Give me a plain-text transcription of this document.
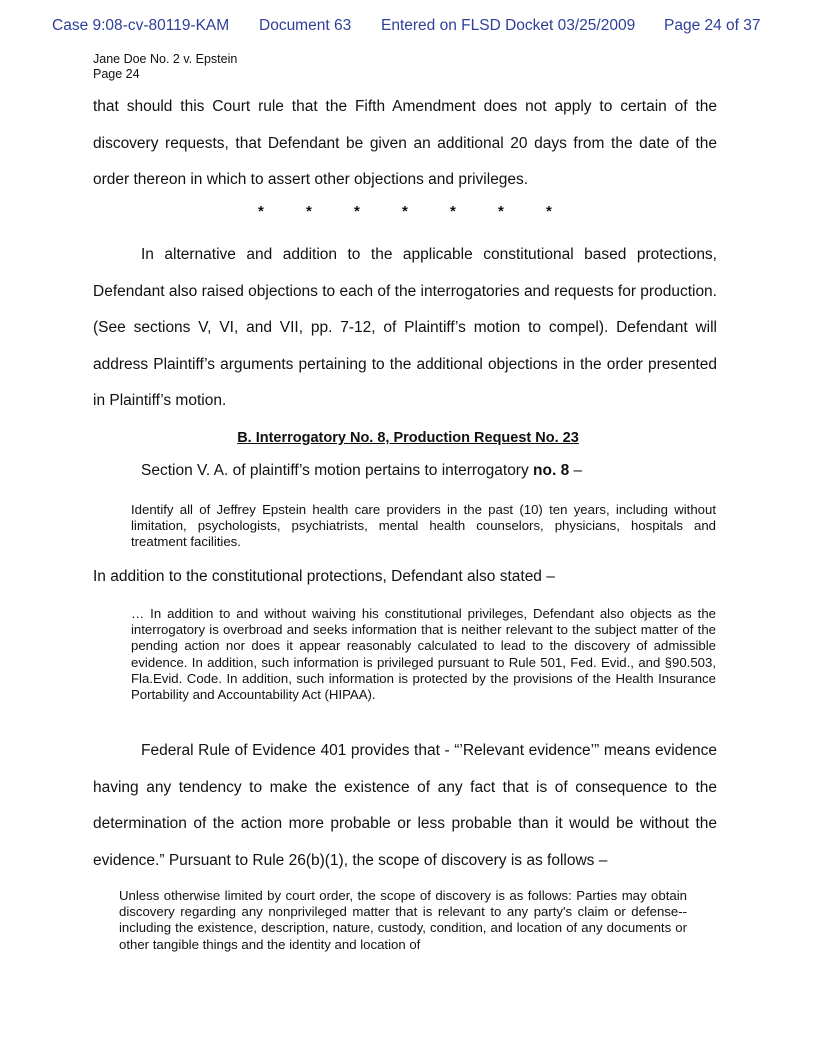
Case 9:08-cv-80119-KAM Document 63 Entered on FLSD Docket 03/25/2009 Page 24 of 37
Jane Doe No. 2 v. Epstein
Page 24

that should this Court rule that the Fifth Amendment does not apply to certain of the discovery requests, that Defendant be given an additional 20 days from the date of the order thereon in which to assert other objections and privileges.

*	*	*	*	*	*	*

In alternative and addition to the applicable constitutional based protections, Defendant also raised objections to each of the interrogatories and requests for production. (See sections V, VI, and VII, pp. 7-12, of Plaintiff’s motion to compel). Defendant will address Plaintiff’s arguments pertaining to the additional objections in the order presented in Plaintiff’s motion.

B. Interrogatory No. 8, Production Request No. 23
Section V. A. of plaintiff’s motion pertains to interrogatory no. 8 –

Identify all of Jeffrey Epstein health care providers in the past (10) ten years, including without limitation, psychologists, psychiatrists, mental health counselors, physicians, hospitals and treatment facilities.

In addition to the constitutional protections, Defendant also stated –

… In addition to and without waiving his constitutional privileges, Defendant also objects as the interrogatory is overbroad and seeks information that is neither relevant to the subject matter of the pending action nor does it appear reasonably calculated to lead to the discovery of admissible evidence. In addition, such information is privileged pursuant to Rule 501, Fed. Evid., and §90.503, Fla.Evid. Code. In addition, such information is protected by the provisions of the Health Insurance Portability and Accountability Act (HIPAA).

Federal Rule of Evidence 401 provides that - “’Relevant evidence’” means evidence having any tendency to make the existence of any fact that is of consequence to the determination of the action more probable or less probable than it would be without the evidence.” Pursuant to Rule 26(b)(1), the scope of discovery is as follows –

Unless otherwise limited by court order, the scope of discovery is as follows: Parties may obtain discovery regarding any nonprivileged matter that is relevant to any party's claim or defense--including the existence, description, nature, custody, condition, and location of any documents or other tangible things and the identity and location of
